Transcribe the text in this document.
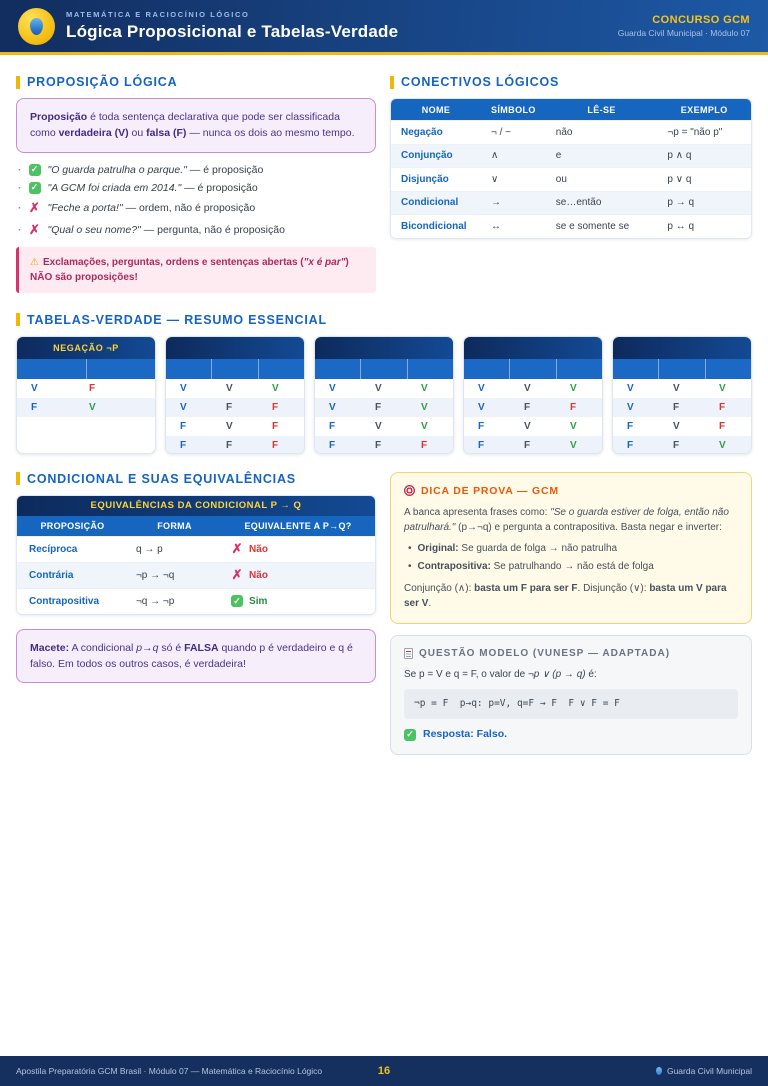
MATEMÁTICA E RACIOCÍNIO LÓGICO
Lógica Proposicional e Tabelas-Verdade
CONCURSO GCM
Guarda Civil Municipal · Módulo 07
PROPOSIÇÃO LÓGICA
Proposição é toda sentença declarativa que pode ser classificada como verdadeira (V) ou falsa (F) — nunca os dois ao mesmo tempo.
· ✓ "O guarda patrulha o parque." — é proposição
· ✓ "A GCM foi criada em 2014." — é proposição
· ✗ "Feche a porta!" — ordem, não é proposição
· ✗ "Qual o seu nome?" — pergunta, não é proposição
⚠ Exclamações, perguntas, ordens e sentenças abertas ("x é par") NÃO são proposições!
CONECTIVOS LÓGICOS
NOME	SÍMBOLO	LÊ-SE	EXEMPLO
Negação	¬ / ~	não	¬p = "não p"
Conjunção	∧	e	p ∧ q
Disjunção	∨	ou	p ∨ q
Condicional	→	se…então	p → q
Bicondicional	↔	se e somente se	p ↔ q
TABELAS-VERDADE — RESUMO ESSENCIAL
NEGAÇÃO ¬P
V	F
F	V
V	V	V
V	F	F
F	V	F
F	F	F
V	V	V
V	F	V
F	V	V
F	F	F
V	V	V
V	F	F
F	V	V
F	F	V
V	V	V
V	F	F
F	V	F
F	F	V
CONDICIONAL E SUAS EQUIVALÊNCIAS
EQUIVALÊNCIAS DA CONDICIONAL P → Q
PROPOSIÇÃO	FORMA	EQUIVALENTE A P→Q?
Recíproca	q → p	✗ Não
Contrária	¬p → ¬q	✗ Não
Contrapositiva	¬q → ¬p	✓ Sim
Macete: A condicional p→q só é FALSA quando p é verdadeiro e q é falso. Em todos os outros casos, é verdadeira!
DICA DE PROVA — GCM

A banca apresenta frases como: "Se o guarda estiver de folga, então não patrulhará." (p→¬q) e pergunta a contrapositiva. Basta negar e inverter:

• Original: Se guarda de folga → não patrulha
• Contrapositiva: Se patrulhando → não está de folga

Conjunção (∧): basta um F para ser F. Disjunção (∨): basta um V para ser V.

QUESTÃO MODELO (VUNESP — ADAPTADA)

Se p = V e q = F, o valor de ¬p ∨ (p → q) é:

¬p = F  p→q: p=V, q=F → F  F ∨ F = F
✓ Resposta: Falso.
Apostila Preparatória GCM Brasil · Módulo 07 — Matemática e Raciocínio Lógico	16	Guarda Civil Municipal
